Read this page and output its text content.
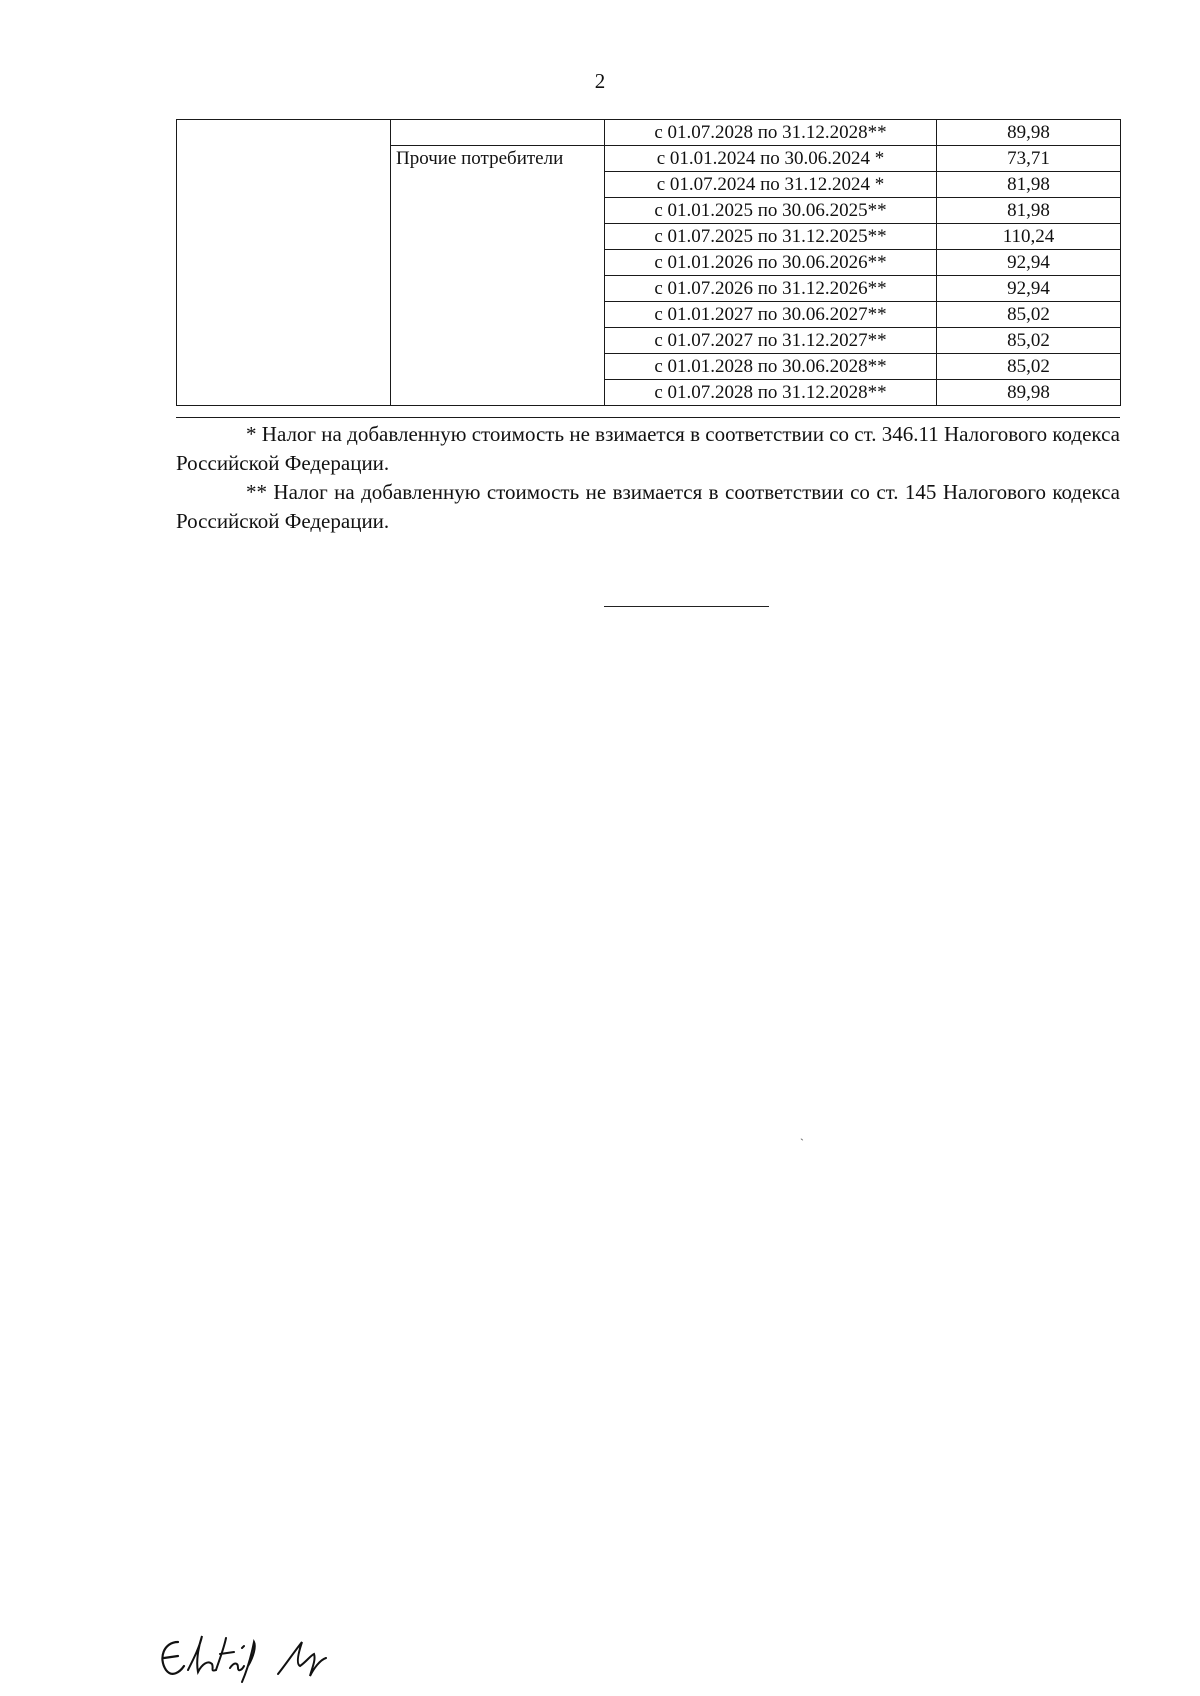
2
		с 01.07.2028 по 31.12.2028**	89,98
	Прочие потребители	с 01.01.2024 по 30.06.2024 *	73,71
		с 01.07.2024 по 31.12.2024 *	81,98
		с 01.01.2025 по 30.06.2025**	81,98
		с 01.07.2025 по 31.12.2025**	110,24
		с 01.01.2026 по 30.06.2026**	92,94
		с 01.07.2026 по 31.12.2026**	92,94
		с 01.01.2027 по 30.06.2027**	85,02
		с 01.07.2027 по 31.12.2027**	85,02
		с 01.01.2028 по 30.06.2028**	85,02
		с 01.07.2028 по 31.12.2028**	89,98

* Налог на добавленную стоимость не взимается в соответствии со ст. 346.11 Налогового кодекса Российской Федерации.

** Налог на добавленную стоимость не взимается в соответствии со ст. 145 Налогового кодекса Российской Федерации.

`
